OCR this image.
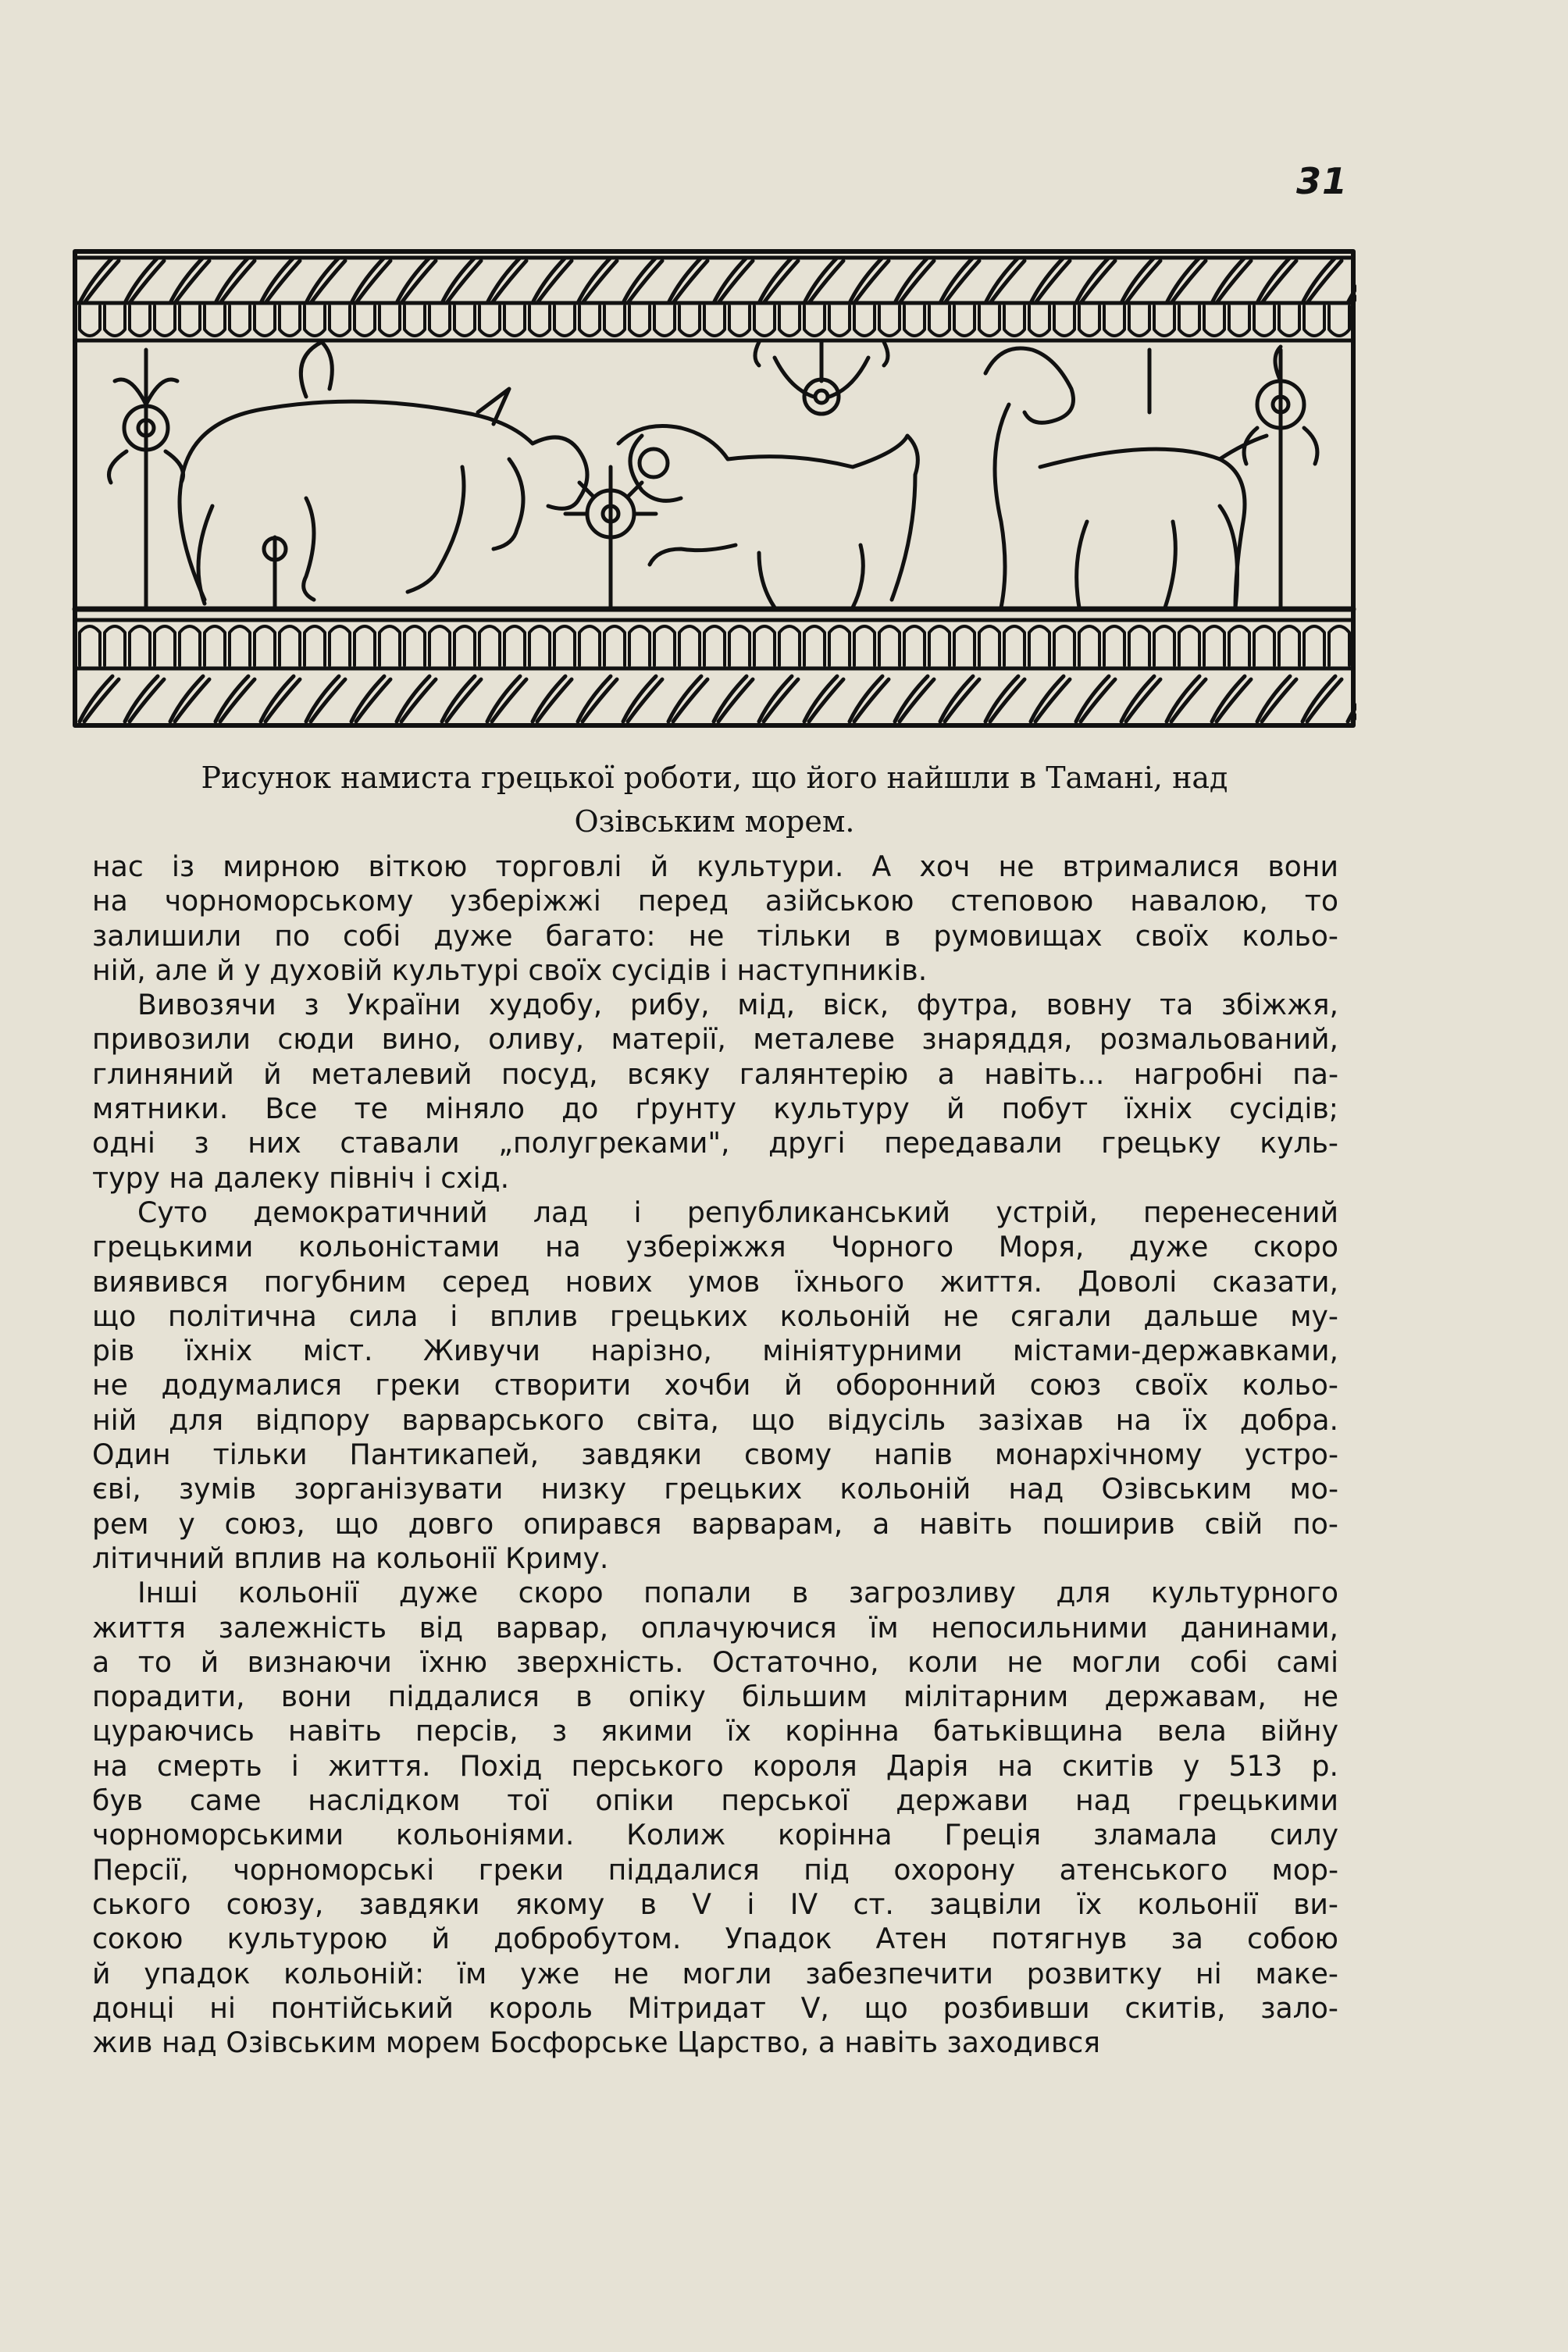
31
Рисунок намиста грецької роботи, що його найшли в Тамані, над
Озівським морем.
нас із мирною віткою торговлі й культури. А хоч не втрималися вони
на чорноморському узберіжжі перед азійською степовою навалою, то
залишили по собі дуже багато: не тільки в румовищах своїх кольо-
ній, але й у духовій культурі своїх сусідів і наступників.
Вивозячи з України худобу, рибу, мід, віск, футра, вовну та збіжжя,
привозили сюди вино, оливу, матерії, металеве знаряддя, розмальований,
глиняний й металевий посуд, всяку галянтерію а навіть... нагробні па-
мятники. Все те міняло до ґрунту культуру й побут їхніх сусідів;
одні з них ставали „полугреками", другі передавали грецьку куль-
туру на далеку північ і схід.
Суто демократичний лад і републиканський устрій, перенесений
грецькими кольоністами на узберіжжя Чорного Моря, дуже скоро
виявився погубним серед нових умов їхнього життя. Доволі сказати,
що політична сила і вплив грецьких кольоній не сягали дальше му-
рів їхніх міст. Живучи нарізно, мініятурними містами-державками,
не додумалися греки створити хочби й оборонний союз своїх кольо-
ній для відпору варварського світа, що відусіль зазіхав на їх добра.
Один тільки Пантикапей, завдяки свому напів монархічному устро-
єві, зумів зорганізувати низку грецьких кольоній над Озівським мо-
рем у союз, що довго опирався варварам, а навіть поширив свій по-
літичний вплив на кольонії Криму.
Інші кольонії дуже скоро попали в загрозливу для культурного
життя залежність від варвар, оплачуючися їм непосильними данинами,
а то й визнаючи їхню зверхність. Остаточно, коли не могли собі самі
порадити, вони піддалися в опіку більшим мілітарним державам, не
цураючись навіть персів, з якими їх корінна батьківщина вела війну
на смерть і життя. Похід перського короля Дарія на скитів у 513 р.
був саме наслідком тої опіки перської держави над грецькими
чорноморськими кольоніями. Колиж корінна Греція зламала силу
Персії, чорноморські греки піддалися під охорону атенського мор-
ського союзу, завдяки якому в V і IV ст. зацвіли їх кольонії ви-
сокою культурою й добробутом. Упадок Атен потягнув за собою
й упадок кольоній: їм уже не могли забезпечити розвитку ні маке-
донці ні понтійський король Мітридат V, що розбивши скитів, зало-
жив над Озівським морем Босфорське Царство, а навіть заходився
